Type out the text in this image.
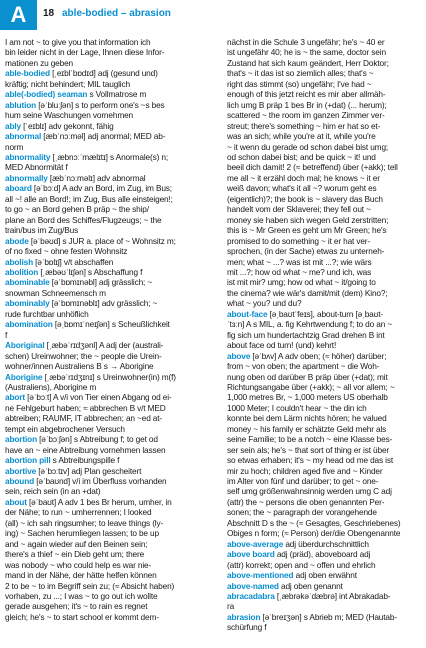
A	18 able-bodied – abrasion
I am not ~ to give you that information ich
bin leider nicht in der Lage, Ihnen diese Infor-
mationen zu geben
able-bodied [ˌeɪblˈbɒdɪd] adj (gesund und)
kräftig; nicht behindert; MIL tauglich
able(-bodied) seaman s Vollmatrose m
ablution [əˈbluːʃən] s to perform one's ~s bes
hum seine Waschungen vornehmen
ably [ˈeɪblɪ] adv gekonnt, fähig
abnormal [æbˈnɔːməl] adj anormal; MED ab-
norm
abnormality [ˌæbnɔːˈmælɪtɪ] s Anormale(s) n;
MED Abnormität f
abnormally [æbˈnɔːməlɪ] adv abnormal
aboard [əˈbɔːd] A adv an Bord, im Zug, im Bus;
all ~! alle an Bord!; im Zug, Bus alle einsteigen!;
to go ~ an Bord gehen B präp ~ the ship/
plane an Bord des Schiffes/Flugzeugs; ~ the
train/bus im Zug/Bus
abode [əˈbəʊd] s JUR a. place of ~ Wohnsitz m;
of no fixed ~ ohne festen Wohnsitz
abolish [əˈbɒlɪʃ] v/t abschaffen
abolition [ˌæbəʊˈlɪʃən] s Abschaffung f
abominable [əˈbɒmɪnəbl] adj grässlich; ~
snowman Schneemensch m
abominably [əˈbɒmɪnəblɪ] adv grässlich; ~
rude furchtbar unhöflich
abomination [əˌbɒmɪˈneɪʃən] s Scheußlichkeit
f
Aboriginal [ˌæbəˈrɪdʒənl] A adj der (australi-
schen) Ureinwohner; the ~ people die Urein-
wohner/innen Australiens B s → Aborigine
Aborigine [ˌæbəˈrɪdʒɪnɪ] s Ureinwohner(in) m(f)
(Australiens), Aborigine m
abort [əˈbɔːt] A v/i von Tier einen Abgang od ei-
ne Fehlgeburt haben; ≈ abbrechen B v/t MED
abtreiben; RAUMF, IT abbrechen; an ~ed at-
tempt ein abgebrochener Versuch
abortion [əˈbɔːʃən] s Abtreibung f; to get od
have an ~ eine Abtreibung vornehmen lassen
abortion pill s Abtreibungspille f
abortive [əˈbɔːtɪv] adj Plan gescheitert
abound [əˈbaʊnd] v/i im Überfluss vorhanden
sein, reich sein (in an +dat)
about [əˈbaʊt] A adv 1 bes Br herum, umher, in
der Nähe; to run ~ umherrennen; I looked
(all) ~ ich sah ringsumher; to leave things (ly-
ing) ~ Sachen herumliegen lassen; to be up
and ~ again wieder auf den Beinen sein;
there's a thief ~ ein Dieb geht um; there
was nobody ~ who could help es war nie-
mand in der Nähe, der hätte helfen können
2 to be ~ to im Begriff sein zu; (≈ Absicht haben)
vorhaben, zu ...; I was ~ to go out ich wollte
gerade ausgehen; it's ~ to rain es regnet
gleich; he's ~ to start school er kommt dem-
nächst in die Schule 3 ungefähr; he's ~ 40 er
ist ungefähr 40; he is ~ the same, doctor sein
Zustand hat sich kaum geändert, Herr Doktor;
that's ~ it das ist so ziemlich alles; that's ~
right das stimmt (so) ungefähr; I've had ~
enough of this jetzt reicht es mir aber allmäh-
lich umg B präp 1 bes Br in (+dat) (... herum);
scattered ~ the room im ganzen Zimmer ver-
streut; there's something ~ him er hat so et-
was an sich; while you're at it, while you're
~ it wenn du gerade od schon dabei bist umg;
od schon dabei bist; and be quick ~ it! und
beeil dich damit! 2 (≈ betreffend) über (+akk); tell
me all ~ it erzähl doch mal; he knows ~ it er
weiß davon; what's it all ~? worum geht es
(eigentlich)?; the book is ~ slavery das Buch
handelt vom der Sklaverei; they fell out ~
money sie haben sich wegen Geld zerstritten;
this is ~ Mr Green es geht um Mr Green; he's
promised to do something ~ it er hat ver-
sprochen, (in der Sache) etwas zu unterneh-
men; what ~ ...? was ist mit ...?; wie wärs
mit ...?; how od what ~ me? und ich, was
ist mit mir? umg; how od what ~ it/going to
the cinema? wie wär's damit/mit (dem) Kino?;
what ~ you? und du?
about-face [əˌbaʊtˈfeɪs], about-turn [əˌbaʊt-
ˈtɜːn] A s MIL, a. fig Kehrtwendung f; to do an ~
fig sich um hundertachtzig Grad drehen B int
about face od turn! (und) kehrt!
above [əˈbʌv] A adv oben; (≈ höher) darüber;
from ~ von oben; the apartment ~ die Woh-
nung oben od darüber B präp über (+dat); mit
Richtungsangabe über (+akk); ~ all vor allem; ~
1,000 metres Br, ~ 1,000 meters US oberhalb
1000 Meter; I couldn't hear ~ the din ich
konnte bei dem Lärm nichts hören; he valued
money ~ his family er schätzte Geld mehr als
seine Familie; to be a notch ~ eine Klasse bes-
ser sein als; he's ~ that sort of thing er ist über
so etwas erhaben; it's ~ my head od me das ist
mir zu hoch; children aged five and ~ Kinder
im Alter von fünf und darüber; to get ~ one-
self umg größenwahnsinnig werden umg C adj
(attr) the ~ persons die oben genannten Per-
sonen; the ~ paragraph der vorangehende
Abschnitt D s the ~ (≈ Gesagtes, Geschriebenes)
Obiges n form; (≈ Person) der/die Obengenannte
above-average adj überdurchschnittlich
above board adj (präd), aboveboard adj
(attr) korrekt; open and ~ offen und ehrlich
above-mentioned adj oben erwähnt
above-named adj oben genannt
abracadabra [ˌæbrəkəˈdæbrə] int Abrakadab-
ra
abrasion [əˈbreɪʒən] s Abrieb m; MED (Hautab-
schürfung f
